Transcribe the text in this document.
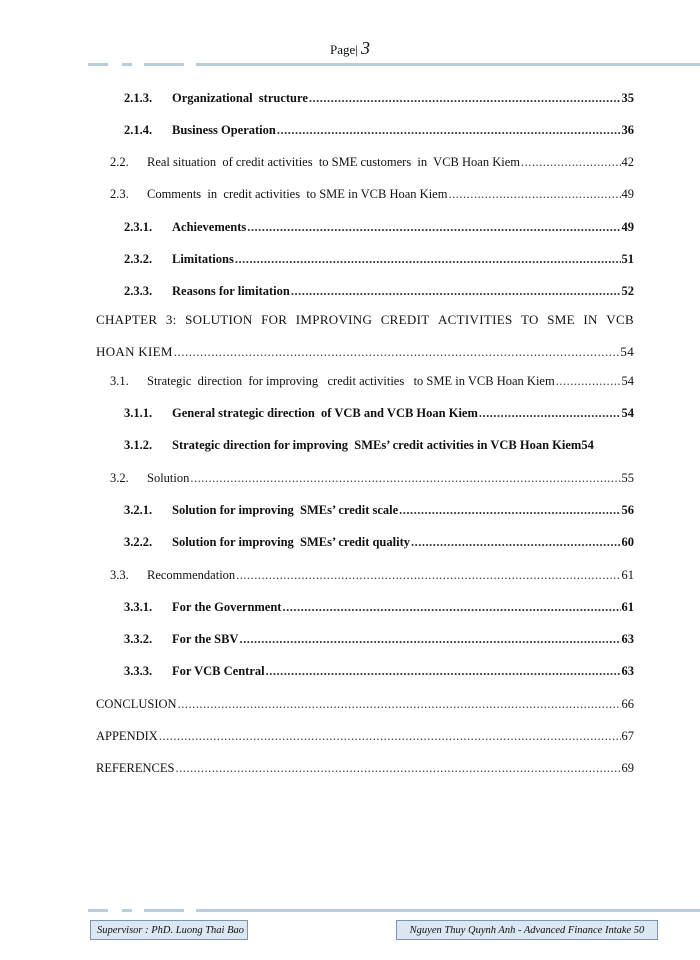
Page| 3
2.1.3.	Organizational  structure .....	35
2.1.4.	Business Operation .....	36
2.2.	Real situation  of credit activities  to SME customers  in  VCB Hoan Kiem .....	42
2.3.	Comments  in  credit activities  to SME in VCB Hoan Kiem .....	49
2.3.1.	Achievements .....	49
2.3.2.	Limitations .....	51
2.3.3.	Reasons for limitation .....	52
CHAPTER 3: SOLUTION FOR IMPROVING CREDIT ACTIVITIES TO SME IN VCB
HOAN KIEM .....	54
3.1.	Strategic  direction  for improving   credit activities   to SME in VCB Hoan Kiem .....	54
3.1.1.	General strategic direction  of VCB and VCB Hoan Kiem .....	54
3.1.2.	Strategic direction for improving  SMEs’ credit activities in VCB Hoan Kiem 54
3.2.	Solution .....	55
3.2.1.	Solution for improving  SMEs’ credit scale .....	56
3.2.2.	Solution for improving  SMEs’ credit quality .....	60
3.3.	Recommendation .....	61
3.3.1.	For the Government .....	61
3.3.2.	For the SBV .....	63
3.3.3.	For VCB Central .....	63
CONCLUSION .....	66
APPENDIX .....	67
REFERENCES .....	69
Supervisor : PhD. Luong Thai Bao	Nguyen Thuy Quynh Anh - Advanced Finance Intake 50
